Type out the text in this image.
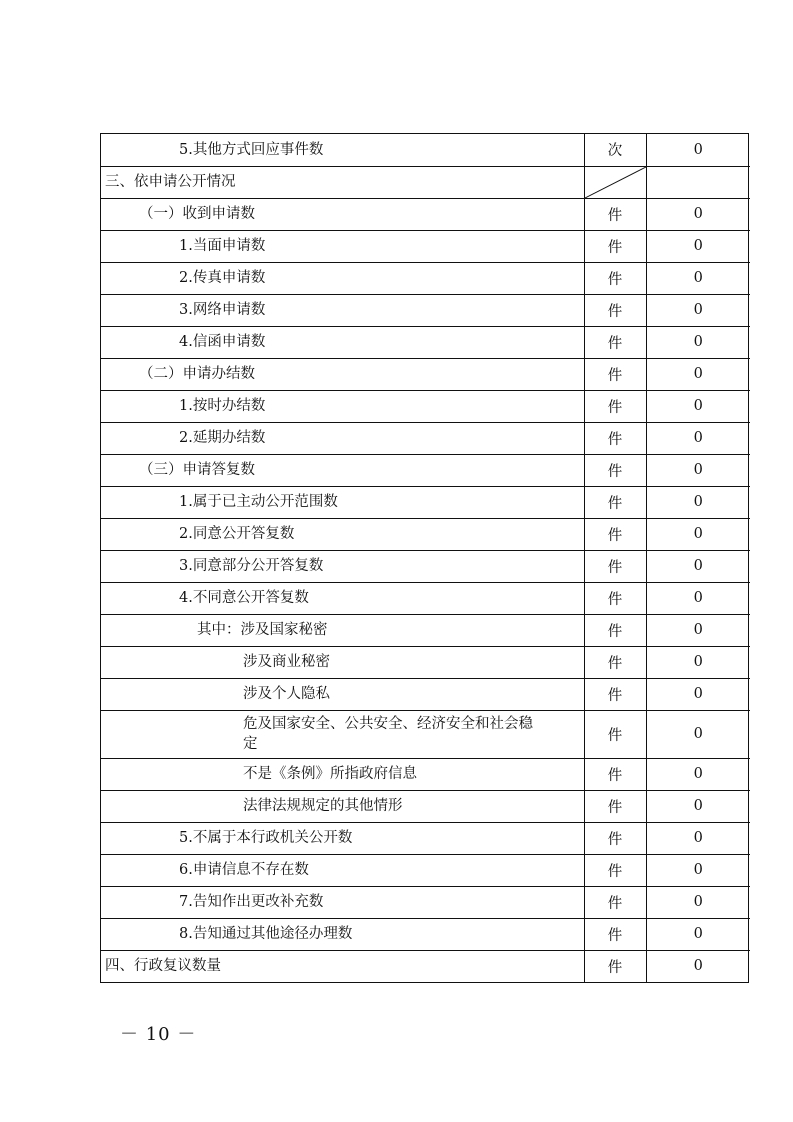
5.其他方式回应事件数	次	0
三、依申请公开情况	

（一）收到申请数	件	0
1.当面申请数	件	0
2.传真申请数	件	0
3.网络申请数	件	0
4.信函申请数	件	0
（二）申请办结数	件	0
1.按时办结数	件	0
2.延期办结数	件	0
（三）申请答复数	件	0
1.属于已主动公开范围数	件	0
2.同意公开答复数	件	0
3.同意部分公开答复数	件	0
4.不同意公开答复数	件	0
其中：涉及国家秘密	件	0
涉及商业秘密	件	0
涉及个人隐私	件	0
危及国家安全、公共安全、经济安全和社会稳定	件	0
不是《条例》所指政府信息	件	0
法律法规规定的其他情形	件	0
5.不属于本行政机关公开数	件	0
6.申请信息不存在数	件	0
7.告知作出更改补充数	件	0
8.告知通过其他途径办理数	件	0
四、行政复议数量	件	0
－ 10 －
